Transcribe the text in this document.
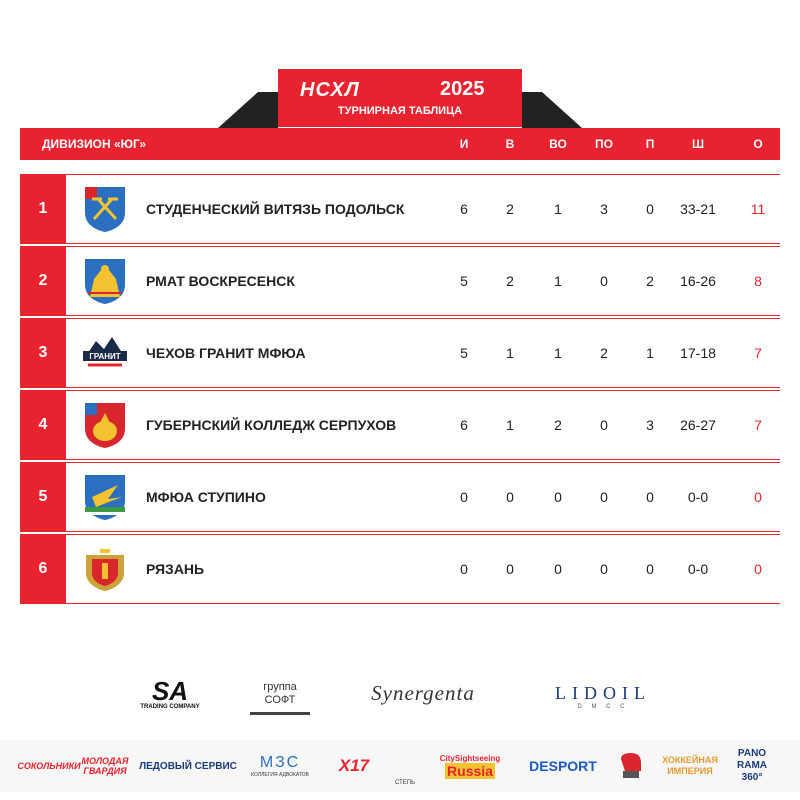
НСХЛ	2025
ТУРНИРНАЯ ТАБЛИЦА
ДИВИЗИОН «ЮГ»	И	В	ВО	ПО	П	Ш	О
1	СТУДЕНЧЕСКИЙ ВИТЯЗЬ ПОДОЛЬСК	6	2	1	3	0	33-21	11
2	РМАТ ВОСКРЕСЕНСК	5	2	1	0	2	16-26	8
3	ГРАНИТ ЧЕХОВ ГРАНИТ МФЮА	5	1	1	2	1	17-18	7
4	ГУБЕРНСКИЙ КОЛЛЕДЖ СЕРПУХОВ	6	1	2	0	3	26-27	7
5	МФЮА СТУПИНО	0	0	0	0	0	0-0	0
6	РЯЗАНЬ	0	0	0	0	0	0-0	0
SA
TRADING COMPANY
группа СОФТ	Synergenta	LIDOIL
D M C C
СОКОЛЬНИКИ МОЛОДАЯ ГВАРДИЯ	ЛЕДОВЫЙ СЕРВИС МЗС
КОЛЛЕГИЯ АДВОКАТОВ	X17
СТЕПЬ
CitySightseeing
Russia	DESPORT	ХОККЕЙНАЯ ИМПЕРИЯ
PANO RAMA 360°
